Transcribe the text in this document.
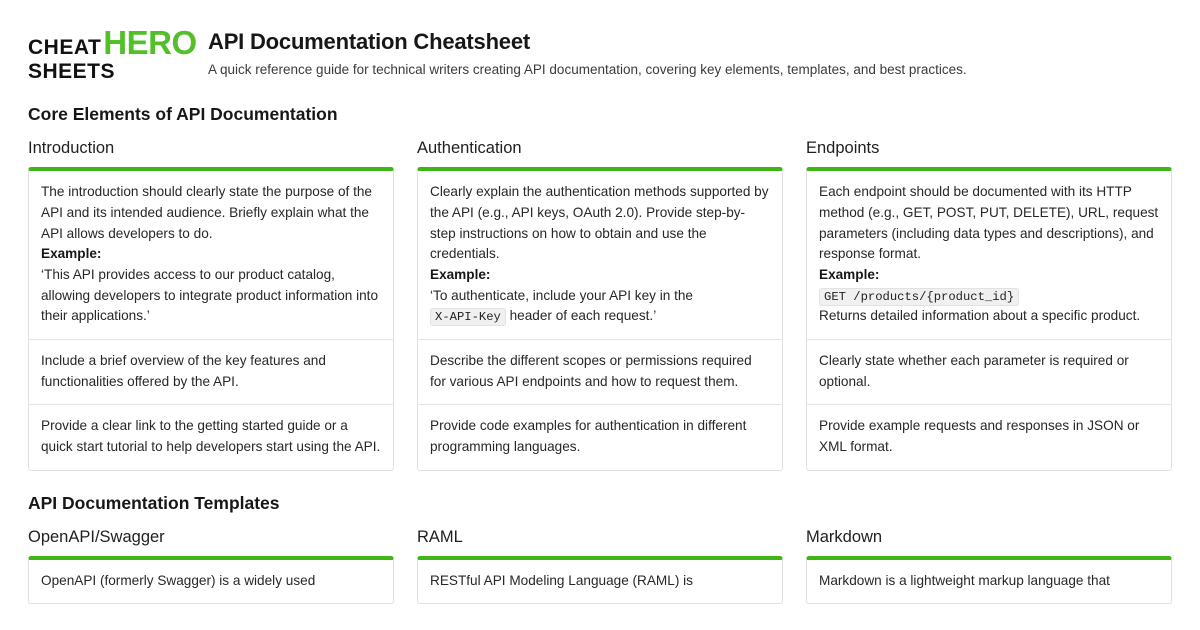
CHEAT HERO
SHEETS
API Documentation Cheatsheet

A quick reference guide for technical writers creating API documentation, covering key elements, templates, and best practices.

Core Elements of API Documentation
Introduction

The introduction should clearly state the purpose of the API and its intended audience. Briefly explain what the API allows developers to do.

Example:

‘This API provides access to our product catalog, allowing developers to integrate product information into their applications.’

Include a brief overview of the key features and functionalities offered by the API.

Provide a clear link to the getting started guide or a quick start tutorial to help developers start using the API.

Authentication

Clearly explain the authentication methods supported by the API (e.g., API keys, OAuth 2.0). Provide step-by-step instructions on how to obtain and use the credentials.

Example:

‘To authenticate, include your API key in the X-API-Key header of each request.’

Describe the different scopes or permissions required for various API endpoints and how to request them.

Provide code examples for authentication in different programming languages.

Endpoints

Each endpoint should be documented with its HTTP method (e.g., GET, POST, PUT, DELETE), URL, request parameters (including data types and descriptions), and response format.

Example:

GET /products/{product_id}

Returns detailed information about a specific product.

Clearly state whether each parameter is required or optional.

Provide example requests and responses in JSON or XML format.

API Documentation Templates
OpenAPI/Swagger

OpenAPI (formerly Swagger) is a widely used

RAML

RESTful API Modeling Language (RAML) is

Markdown

Markdown is a lightweight markup language that
